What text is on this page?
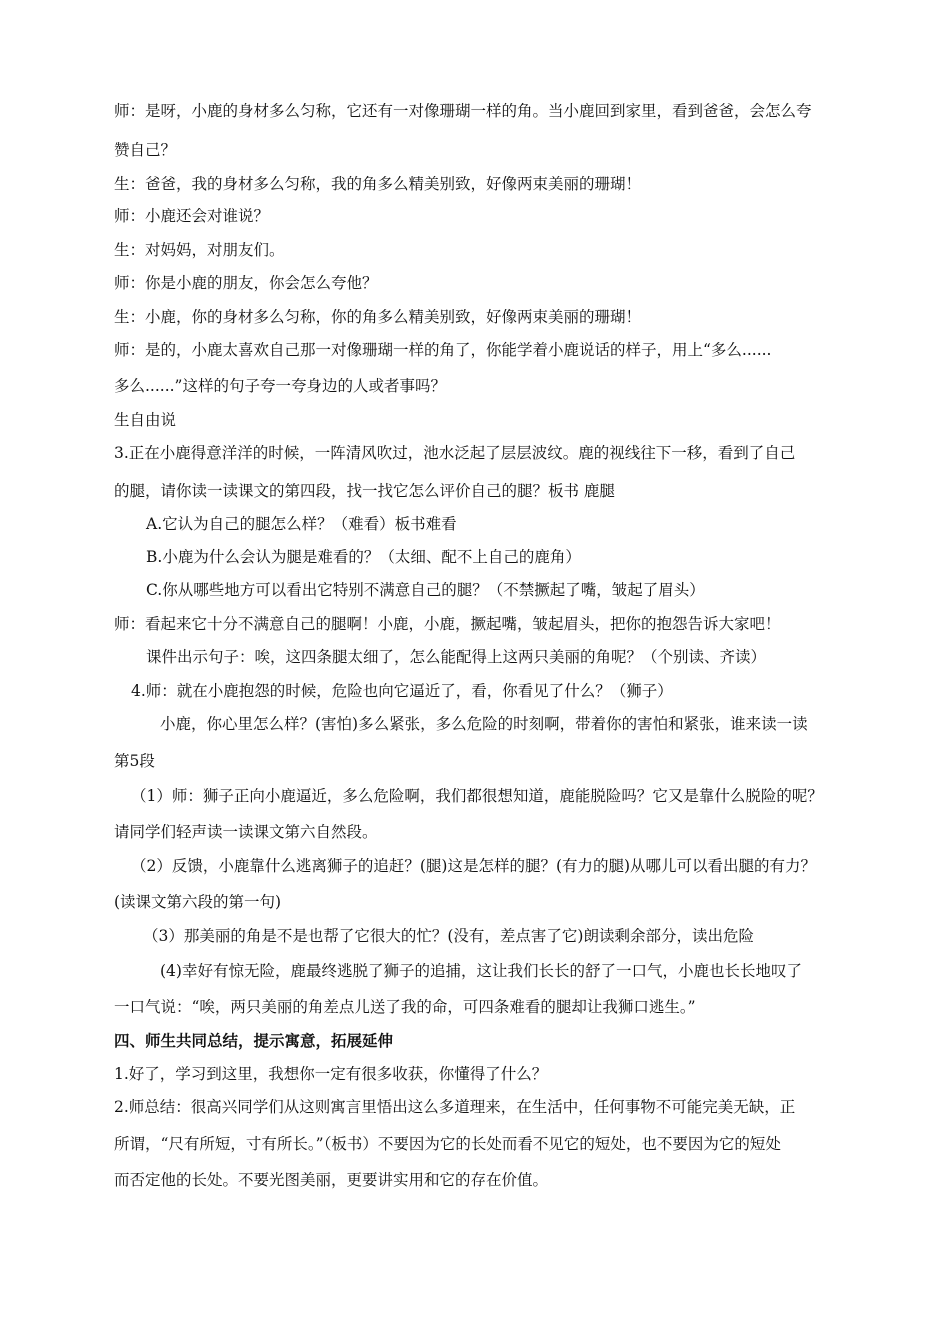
师：是呀，小鹿的身材多么匀称，它还有一对像珊瑚一样的角。当小鹿回到家里，看到爸爸，会怎么夸
赞自己？
生：爸爸，我的身材多么匀称，我的角多么精美别致，好像两束美丽的珊瑚！
师：小鹿还会对谁说？
生：对妈妈，对朋友们。
师：你是小鹿的朋友，你会怎么夸他？
生：小鹿，你的身材多么匀称，你的角多么精美别致，好像两束美丽的珊瑚！
师：是的，小鹿太喜欢自己那一对像珊瑚一样的角了，你能学着小鹿说话的样子，用上“多么......
多么......”这样的句子夸一夸身边的人或者事吗？
生自由说
3.正在小鹿得意洋洋的时候，一阵清风吹过，池水泛起了层层波纹。鹿的视线往下一移，看到了自己
的腿，请你读一读课文的第四段，找一找它怎么评价自己的腿？板书 鹿腿
A.它认为自己的腿怎么样？（难看）板书难看
B.小鹿为什么会认为腿是难看的？（太细、配不上自己的鹿角）
C.你从哪些地方可以看出它特别不满意自己的腿？（不禁撅起了嘴，皱起了眉头）
师：看起来它十分不满意自己的腿啊！小鹿，小鹿，撅起嘴，皱起眉头，把你的抱怨告诉大家吧！
课件出示句子：唉，这四条腿太细了，怎么能配得上这两只美丽的角呢？（个别读、齐读）
4.师：就在小鹿抱怨的时候，危险也向它逼近了，看，你看见了什么？（狮子）
小鹿，你心里怎么样？(害怕)多么紧张，多么危险的时刻啊，带着你的害怕和紧张，谁来读一读
第5段
（1）师：狮子正向小鹿逼近，多么危险啊，我们都很想知道，鹿能脱险吗？它又是靠什么脱险的呢？
请同学们轻声读一读课文第六自然段。
（2）反馈，小鹿靠什么逃离狮子的追赶？(腿)这是怎样的腿？(有力的腿)从哪儿可以看出腿的有力？
(读课文第六段的第一句)
（3）那美丽的角是不是也帮了它很大的忙？(没有，差点害了它)朗读剩余部分，读出危险
(4)幸好有惊无险，鹿最终逃脱了狮子的追捕，这让我们长长的舒了一口气，小鹿也长长地叹了
一口气说：“唉，两只美丽的角差点儿送了我的命，可四条难看的腿却让我狮口逃生。”
四、师生共同总结，提示寓意，拓展延伸
1.好了，学习到这里，我想你一定有很多收获，你懂得了什么？
2.师总结：很高兴同学们从这则寓言里悟出这么多道理来，在生活中，任何事物不可能完美无缺，正
所谓，“尺有所短，寸有所长。”（板书）不要因为它的长处而看不见它的短处，也不要因为它的短处
而否定他的长处。不要光图美丽，更要讲实用和它的存在价值。
